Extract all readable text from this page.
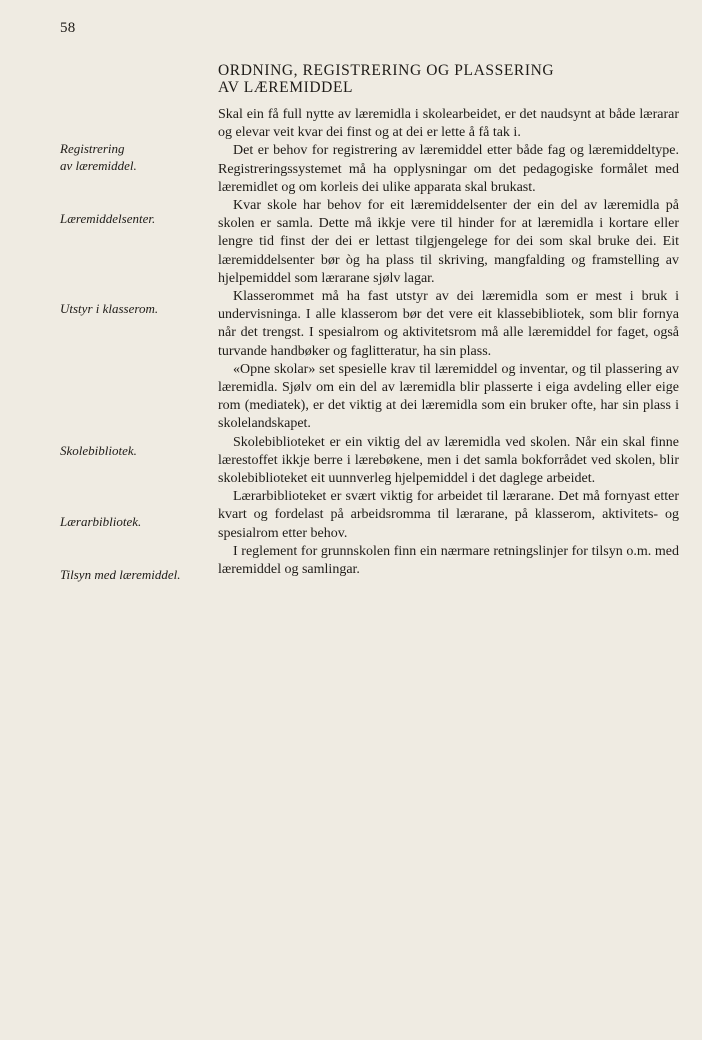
58
ORDNING, REGISTRERING OG PLASSERING
AV LÆREMIDDEL
Registrering
av læremiddel.
Læremiddelsenter.
Utstyr i klasserom.
Skolebibliotek.
Lærarbibliotek.
Tilsyn med læremiddel.

Skal ein få full nytte av læremidla i skolearbeidet, er det naudsynt at både lærarar og elevar veit kvar dei finst og at dei er lette å få tak i.

Det er behov for registrering av læremiddel etter både fag og læremiddeltype. Registreringssystemet må ha opplysningar om det pedagogiske formålet med læremidlet og om korleis dei ulike apparata skal brukast.

Kvar skole har behov for eit læremiddelsenter der ein del av læremidla på skolen er samla. Dette må ikkje vere til hinder for at læremidla i kortare eller lengre tid finst der dei er lettast tilgjengelege for dei som skal bruke dei. Eit læremiddelsenter bør òg ha plass til skriving, mangfalding og framstelling av hjelpemiddel som lærarane sjølv lagar.

Klasserommet må ha fast utstyr av dei læremidla som er mest i bruk i undervisninga. I alle klasserom bør det vere eit klassebibliotek, som blir fornya når det trengst. I spesialrom og aktivitetsrom må alle læremiddel for faget, også turvande handbøker og faglitteratur, ha sin plass.

«Opne skolar» set spesielle krav til læremiddel og inventar, og til plassering av læremidla. Sjølv om ein del av læremidla blir plasserte i eiga avdeling eller eige rom (mediatek), er det viktig at dei læremidla som ein bruker ofte, har sin plass i skolelandskapet.

Skolebiblioteket er ein viktig del av læremidla ved skolen. Når ein skal finne lærestoffet ikkje berre i lærebøkene, men i det samla bokforrådet ved skolen, blir skolebiblioteket eit uunnverleg hjelpemiddel i det daglege arbeidet.

Lærarbiblioteket er svært viktig for arbeidet til lærarane. Det må fornyast etter kvart og fordelast på arbeidsromma til lærarane, på klasserom, aktivitets- og spesialrom etter behov.

I reglement for grunnskolen finn ein nærmare retningslinjer for tilsyn o.m. med læremiddel og samlingar.
